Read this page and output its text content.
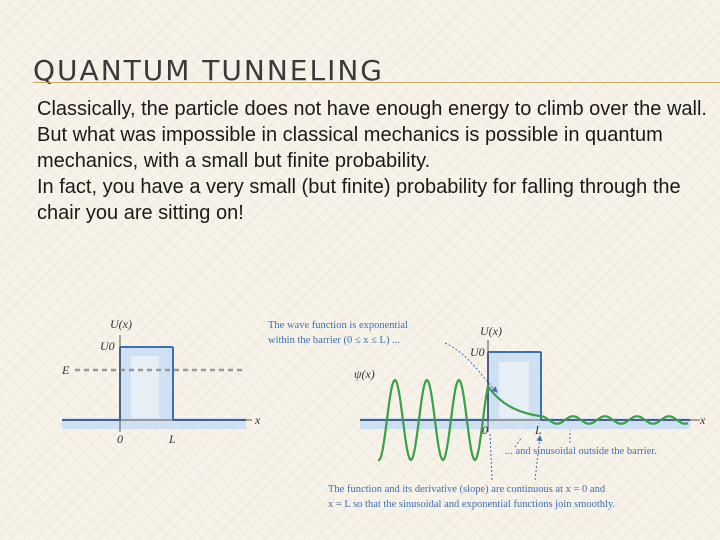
QUANTUM TUNNELING

Classically, the particle does not have enough energy to climb over the wall. But what was impossible in classical mechanics is possible in quantum mechanics, with a small but finite probability.

In fact, you have a very small (but finite) probability for falling through the chair you are sitting on!

U(x)
U0
E
x
0	L
U(x)
U0
ψ(x)
x
0	L
The wave function is exponential
within the barrier (0 ≤ x ≤ L) ...
... and sinusoidal outside the barrier.
The function and its derivative (slope) are continuous at x = 0 and
x = L so that the sinusoidal and exponential functions join smoothly.
